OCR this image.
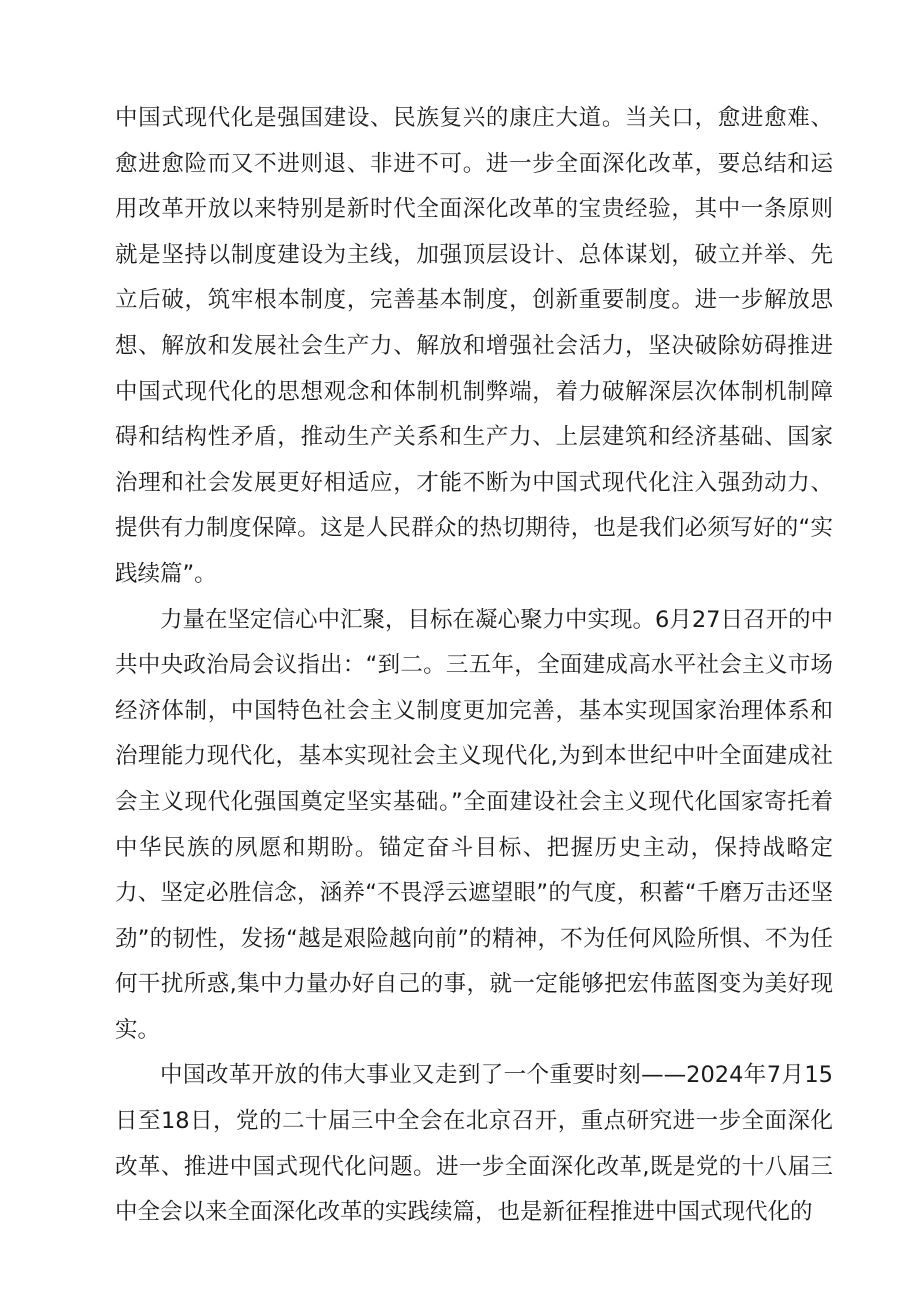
中国式现代化是强国建设、民族复兴的康庄大道。当关口，愈进愈难、愈进愈险而又不进则退、非进不可。进一步全面深化改革，要总结和运用改革开放以来特别是新时代全面深化改革的宝贵经验，其中一条原则就是坚持以制度建设为主线，加强顶层设计、总体谋划，破立并举、先立后破，筑牢根本制度，完善基本制度，创新重要制度。进一步解放思想、解放和发展社会生产力、解放和增强社会活力，坚决破除妨碍推进中国式现代化的思想观念和体制机制弊端，着力破解深层次体制机制障碍和结构性矛盾，推动生产关系和生产力、上层建筑和经济基础、国家治理和社会发展更好相适应，才能不断为中国式现代化注入强劲动力、提供有力制度保障。这是人民群众的热切期待，也是我们必须写好的“实践续篇”。

力量在坚定信心中汇聚，目标在凝心聚力中实现。6月27日召开的中共中央政治局会议指出：“到二。三五年，全面建成高水平社会主义市场经济体制，中国特色社会主义制度更加完善，基本实现国家治理体系和治理能力现代化，基本实现社会主义现代化,为到本世纪中叶全面建成社会主义现代化强国奠定坚实基础。”全面建设社会主义现代化国家寄托着中华民族的夙愿和期盼。锚定奋斗目标、把握历史主动，保持战略定力、坚定必胜信念，涵养“不畏浮云遮望眼”的气度，积蓄“千磨万击还坚劲”的韧性，发扬“越是艰险越向前”的精神，不为任何风险所惧、不为任何干扰所惑,集中力量办好自己的事，就一定能够把宏伟蓝图变为美好现实。

中国改革开放的伟大事业又走到了一个重要时刻——2024年7月15日至18日，党的二十届三中全会在北京召开，重点研究进一步全面深化改革、推进中国式现代化问题。进一步全面深化改革,既是党的十八届三中全会以来全面深化改革的实践续篇，也是新征程推进中国式现代化的
